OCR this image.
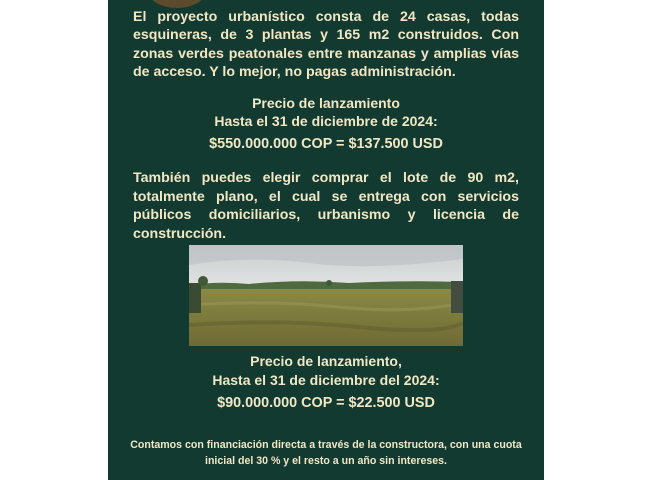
El proyecto urbanístico consta de 24 casas, todas esquineras, de 3 plantas y 165 m2 construidos. Con zonas verdes peatonales entre manzanas y amplias vías de acceso. Y lo mejor, no pagas administración.

Precio de lanzamiento
Hasta el 31 de diciembre de 2024:
$550.000.000 COP = $137.500 USD

También puedes elegir comprar el lote de 90 m2, totalmente plano, el cual se entrega con servicios públicos domiciliarios, urbanismo y licencia de construcción.

Precio de lanzamiento,
Hasta el 31 de diciembre del 2024:
$90.000.000 COP = $22.500 USD
Contamos con financiación directa a través de la constructora, con una cuota inicial del 30 % y el resto a un año sin intereses.
